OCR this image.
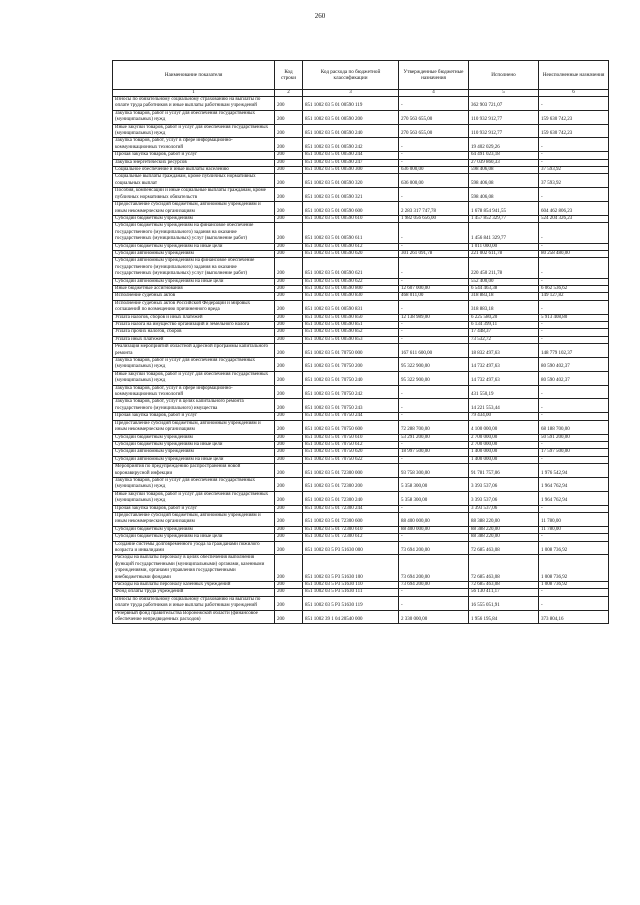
260
Наименование показателя	Код строки	Код расхода по бюджетной классификации	Утвержденные бюджетные назначения	Исполнено	Неисполненные назначения
1	2	3	4	5	6
Взносы по обязательному социальному страхованию на выплаты по оплате труда работников и иные выплаты работникам учреждений	200	851 1002 03 5 01 00590 119	-	362 903 721,07	-
Закупка товаров, работ и услуг для обеспечения государственных (муниципальных) нужд	200	851 1002 03 5 01 00590 200	270 563 655,00	110 932 912,77	159 630 742,23
Иные закупки товаров, работ и услуг для обеспечения государственных (муниципальных) нужд	200	851 1002 03 5 01 00590 240	270 563 655,00	110 932 912,77	159 630 742,23
Закупка товаров, работ, услуг в сфере информационно-коммуникационных технологий	200	851 1002 03 5 01 00590 242	-	19 402 029,26	-
Прочая закупка товаров, работ и услуг	200	851 1002 03 5 01 00590 244	-	64 491 023,18	-
Закупка энергетических ресурсов	200	851 1002 03 5 01 00590 247	-	27 039 860,33	-
Социальное обеспечение и иные выплаты населению	200	851 1002 03 5 01 00590 300	636 000,00	598 406,08	37 593,92
Социальные выплаты гражданам, кроме публичных нормативных социальных выплат	200	851 1002 03 5 01 00590 320	636 000,00	598 406,08	37 593,92
Пособия, компенсации и иные социальные выплаты гражданам, кроме публичных нормативных обязательств	200	851 1002 03 5 01 00590 321	-	598 406,08	-
Предоставление субсидий бюджетным, автономным учреждениям и иным некоммерческим организациям	200	851 1002 03 5 01 00590 600	2 283 317 747,78	1 678 854 941,55	604 462 806,23
Субсидии бюджетным учреждениям	200	851 1002 03 5 01 00590 610	1 982 056 656,00	1 457 852 329,77	524 204 326,23
Субсидии бюджетным учреждениям на финансовое обеспечение государственного (муниципального) задания на оказание государственных (муниципальных) услуг (выполнение работ)	200	851 1002 03 5 01 00590 611	-	1 456 841 329,77	-
Субсидии бюджетным учреждениям на иные цели	200	851 1002 03 5 01 00590 612	-	1 011 000,00	-
Субсидии автономным учреждениям	200	851 1002 03 5 01 00590 620	301 261 091,78	221 002 611,78	80 258 480,00
Субсидии автономным учреждениям на финансовое обеспечение государственного (муниципального) задания на оказание государственных (муниципальных) услуг (выполнение работ)	200	851 1002 03 5 01 00590 621	-	220 450 211,78	-
Субсидии автономным учреждениям на иные цели	200	851 1002 03 5 01 00590 622	-	552 400,00	-
Иные бюджетные ассигнования	200	851 1002 03 5 01 00590 800	12 607 000,00	6 544 463,38	6 062 536,62
Исполнение судебных актов	200	851 1002 03 5 01 00590 830	468 011,00	318 883,18	149 127,82
Исполнение судебных актов Российской Федерации и мировых соглашений по возмещению причиненного вреда	200	851 1002 03 5 01 00590 831	-	318 883,18	-
Уплата налогов, сборов и иных платежей	200	851 1002 03 5 01 00590 850	12 138 989,00	6 225 580,20	5 913 408,80
Уплата налога на имущество организаций и земельного налога	200	851 1002 03 5 01 00590 851	-	6 134 399,11	-
Уплата прочих налогов, сборов	200	851 1002 03 5 01 00590 852	-	17 448,37	-
Уплата иных платежей	200	851 1002 03 5 01 00590 853	-	73 532,72	-
Реализация мероприятий областной адресной программы капитального ремонта	200	851 1002 03 5 01 70750 000	167 611 600,00	18 832 497,63	148 779 102,37
Закупка товаров, работ и услуг для обеспечения государственных (муниципальных) нужд	200	851 1002 03 5 01 70750 200	95 322 900,00	14 732 497,63	80 590 402,37
Иные закупки товаров, работ и услуг для обеспечения государственных (муниципальных) нужд	200	851 1002 03 5 01 70750 240	95 322 900,00	14 732 497,63	80 590 402,37
Закупка товаров, работ, услуг в сфере информационно-коммуникационных технологий	200	851 1002 03 5 01 70750 242	-	431 550,19	-
Закупка товаров, работ, услуг в целях капитального ремонта государственного (муниципального) имущества	200	851 1002 03 5 01 70750 243	-	14 221 553,44	-
Прочая закупка товаров, работ и услуг	200	851 1002 03 5 01 70750 244	-	79 434,00	-
Предоставление субсидий бюджетным, автономным учреждениям и иным некоммерческим организациям	200	851 1002 03 5 01 70750 600	72 288 700,00	4 100 000,00	68 188 700,00
Субсидии бюджетным учреждениям	200	851 1002 03 5 01 70750 610	53 291 200,00	2 700 000,00	50 591 200,00
Субсидии бюджетным учреждениям на иные цели	200	851 1002 03 5 01 70750 612	-	2 700 000,00	-
Субсидии автономным учреждениям	200	851 1002 03 5 01 70750 620	18 997 500,00	1 400 000,00	17 597 500,00
Субсидии автономным учреждениям на иные цели	200	851 1002 03 5 01 70750 622	-	1 400 000,00	-
Мероприятия по предупреждению распространения новой коронавирусной инфекции	200	851 1002 03 5 01 72300 000	93 758 300,00	91 781 757,06	1 976 542,94
Закупка товаров, работ и услуг для обеспечения государственных (муниципальных) нужд	200	851 1002 03 5 01 72300 200	5 358 300,00	3 393 537,06	1 964 762,94
Иные закупки товаров, работ и услуг для обеспечения государственных (муниципальных) нужд	200	851 1002 03 5 01 72300 240	5 358 300,00	3 393 537,06	1 964 762,94
Прочая закупка товаров, работ и услуг	200	851 1002 03 5 01 72300 244	-	3 393 537,06	-
Предоставление субсидий бюджетным, автономным учреждениям и иным некоммерческим организациям	200	851 1002 03 5 01 72300 600	88 400 000,00	88 388 220,00	11 780,00
Субсидии бюджетным учреждениям	200	851 1002 03 5 01 72300 610	88 400 000,00	88 388 220,00	11 780,00
Субсидии бюджетным учреждениям на иные цели	200	851 1002 03 5 01 72300 612	-	88 388 220,00	-
Создание системы долговременного ухода за гражданами пожилого возраста и инвалидами	200	851 1002 03 5 P3 51630 000	73 694 200,00	72 685 463,08	1 008 736,92
Расходы на выплаты персоналу в целях обеспечения выполнения функций государственными (муниципальными) органами, казенными учреждениями, органами управления государственными внебюджетными фондами	200	851 1002 03 5 P3 51630 100	73 694 200,00	72 685 463,08	1 008 736,92
Расходы на выплаты персоналу казенных учреждений	200	851 1002 03 5 P3 51630 110	73 694 200,00	72 685 463,08	1 008 736,92
Фонд оплаты труда учреждений	200	851 1002 03 5 P3 51630 111	-	56 130 411,17	-
Взносы по обязательному социальному страхованию на выплаты по оплате труда работников и иные выплаты работникам учреждений	200	851 1002 03 5 P3 51630 119	-	16 555 051,91	-
Резервный фонд правительства Воронежской области (финансовое обеспечение непредвиденных расходов)	200	851 1002 39 1 04 20540 000	2 330 000,00	1 956 195,84	373 804,16
